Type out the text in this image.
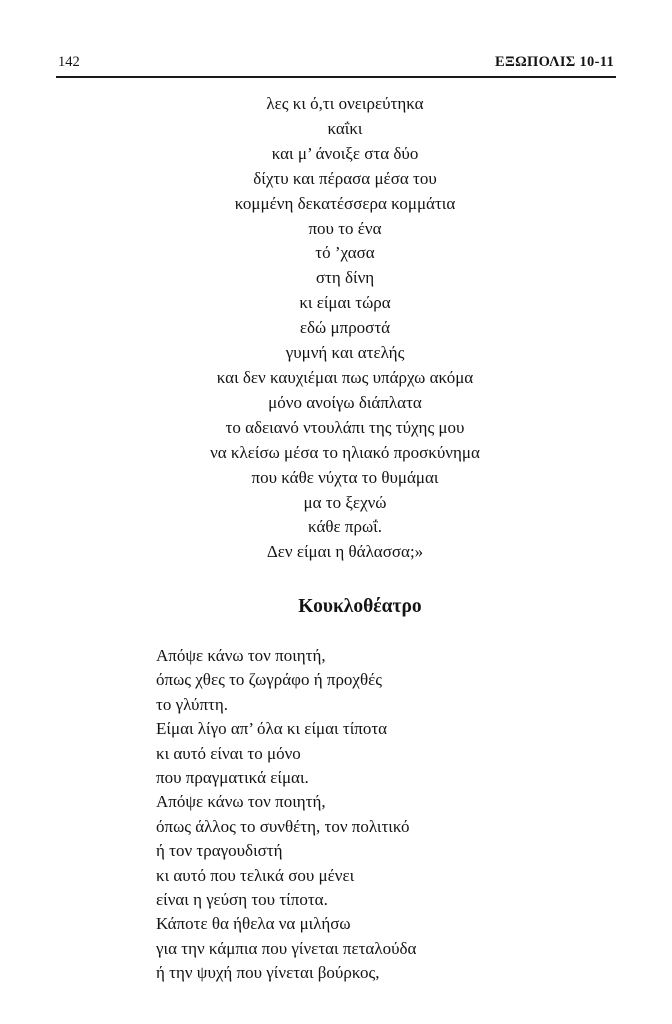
142	ΕΞΩΠΟΛΙΣ 10-11
λες κι ό,τι ονειρεύτηκα
καΐκι
και μ’ άνοιξε στα δύο
δίχτυ και πέρασα μέσα του
κομμένη δεκατέσσερα κομμάτια
που το ένα
τό ’χασα
στη δίνη
κι είμαι τώρα
εδώ μπροστά
γυμνή και ατελής
και δεν καυχιέμαι πως υπάρχω ακόμα
μόνο ανοίγω διάπλατα
το αδειανό ντουλάπι της τύχης μου
να κλείσω μέσα το ηλιακό προσκύνημα
που κάθε νύχτα το θυμάμαι
μα το ξεχνώ
κάθε πρωΐ.
Δεν είμαι η θάλασσα;»
Κουκλοθέατρο
Απόψε κάνω τον ποιητή,
όπως χθες το ζωγράφο ή προχθές
το γλύπτη.
Είμαι λίγο απ’ όλα κι είμαι τίποτα
κι αυτό είναι το μόνο
που πραγματικά είμαι.
Απόψε κάνω τον ποιητή,
όπως άλλος το συνθέτη, τον πολιτικό
ή τον τραγουδιστή
κι αυτό που τελικά σου μένει
είναι η γεύση του τίποτα.
Κάποτε θα ήθελα να μιλήσω
για την κάμπια που γίνεται πεταλούδα
ή την ψυχή που γίνεται βούρκος,
